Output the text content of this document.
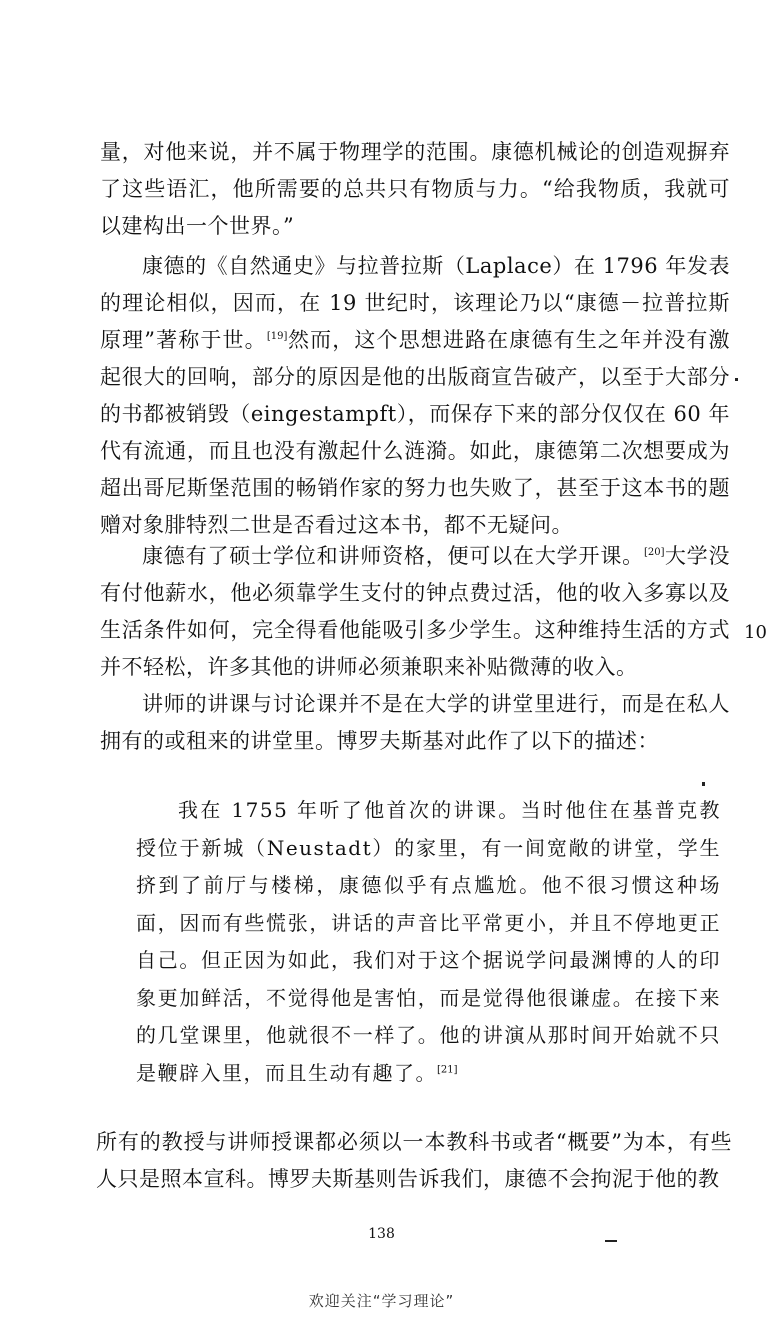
量，对他来说，并不属于物理学的范围。康德机械论的创造观摒弃了这些语汇，他所需要的总共只有物质与力。“给我物质，我就可以建构出一个世界。”

康德的《自然通史》与拉普拉斯（Laplace）在 1796 年发表的理论相似，因而，在 19 世纪时，该理论乃以“康德－拉普拉斯原理”著称于世。[19]然而，这个思想进路在康德有生之年并没有激起很大的回响，部分的原因是他的出版商宣告破产，以至于大部分的书都被销毁（eingestampft），而保存下来的部分仅仅在 60 年代有流通，而且也没有激起什么涟漪。如此，康德第二次想要成为超出哥尼斯堡范围的畅销作家的努力也失败了，甚至于这本书的题赠对象腓特烈二世是否看过这本书，都不无疑问。

康德有了硕士学位和讲师资格，便可以在大学开课。[20]大学没有付他薪水，他必须靠学生支付的钟点费过活，他的收入多寡以及生活条件如何，完全得看他能吸引多少学生。这种维持生活的方式并不轻松，许多其他的讲师必须兼职来补贴微薄的收入。

10

讲师的讲课与讨论课并不是在大学的讲堂里进行，而是在私人拥有的或租来的讲堂里。博罗夫斯基对此作了以下的描述：

我在 1755 年听了他首次的讲课。当时他住在基普克教授位于新城（Neustadt）的家里，有一间宽敞的讲堂，学生挤到了前厅与楼梯，康德似乎有点尴尬。他不很习惯这种场面，因而有些慌张，讲话的声音比平常更小，并且不停地更正自己。但正因为如此，我们对于这个据说学问最渊博的人的印象更加鲜活，不觉得他是害怕，而是觉得他很谦虚。在接下来的几堂课里，他就很不一样了。他的讲演从那时间开始就不只是鞭辟入里，而且生动有趣了。[21]

所有的教授与讲师授课都必须以一本教科书或者“概要”为本，有些人只是照本宣科。博罗夫斯基则告诉我们，康德不会拘泥于他的教

138
欢迎关注“学习理论”
